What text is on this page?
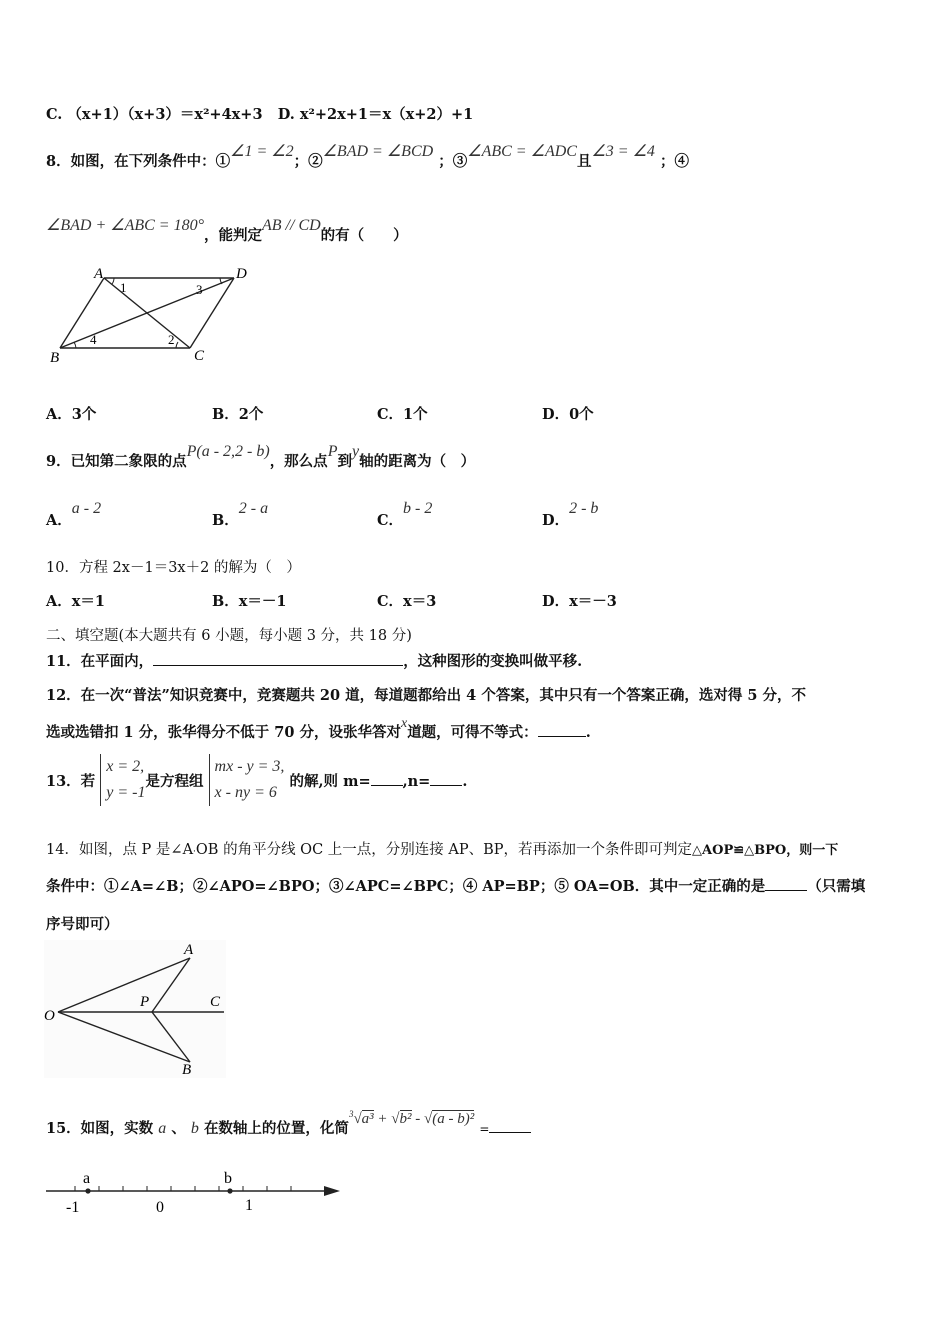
C. （x+1）（x+3）＝x²+4x+3 D. x²+2x+1＝x（x+2）+1
8．如图，在下列条件中：①∠1 = ∠2；②∠BAD = ∠BCD ；③∠ABC = ∠ADC且∠3 = ∠4 ；④
∠BAD + ∠ABC = 180°，能判定AB // CD的有（　　）
A	D
B	C
1	3
2
4
A．3个	B．2个	C．1个	D．0个
9．已知第二象限的点P(a - 2,2 - b)，那么点P到y轴的距离为（　）
A．a - 2
B．2 - a
C．b - 2
D．2 - b
10．方程 2x－1＝3x＋2 的解为（　）
A．x＝1	B．x＝－1	C．x＝3	D．x＝－3
二、填空题(本大题共有 6 小题，每小题 3 分，共 18 分)
11．在平面内，	，这种图形的变换叫做平移.
12．在一次“普法”知识竞赛中，竞赛题共 20 道，每道题都给出 4 个答案，其中只有一个答案正确，选对得 5 分，不
选或选错扣 1 分，张华得分不低于 70 分，设张华答对x道题，可得不等式：	.
13．若 x = 2,
y = -1是方程组 mx - y = 3,
x - ny = 6 的解,则 m= ,n= .
14．如图，点 P 是∠A·OB 的角平分线 OC 上一点，分别连接 AP、BP，若再添加一个条件即可判定△AOP≌△BPO，则一下
条件中：①∠A=∠B；②∠APO=∠BPO；③∠APC=∠BPC；④ AP=BP；⑤ OA=OB．其中一定正确的是	（只需填
序号即可）
O
P	C
A
B
15．如图，实数 a 、 b 在数轴上的位置，化简$^3$√a³ + √b² - √(a - b)² =
a	b
-1	0	1
